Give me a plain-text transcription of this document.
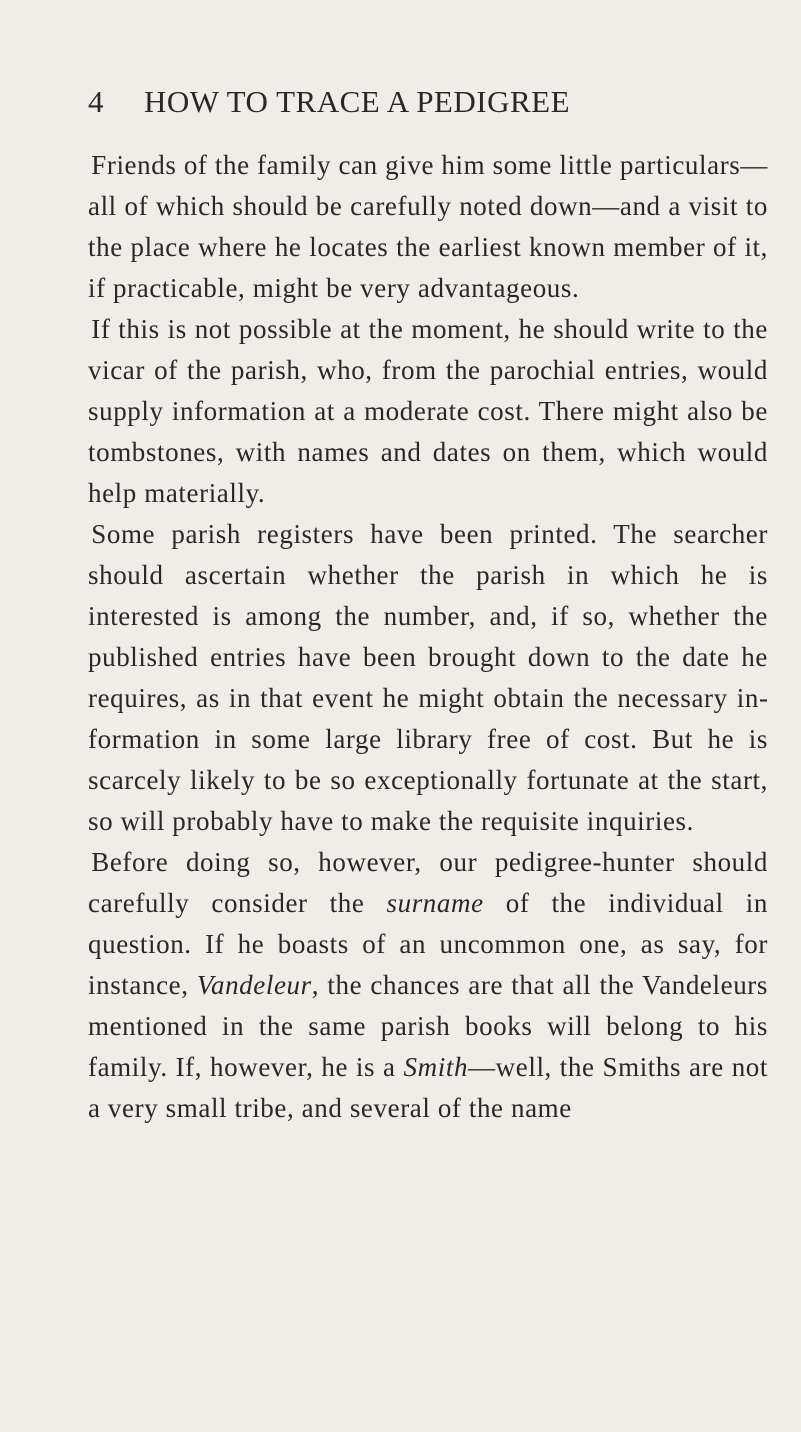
4 HOW TO TRACE A PEDIGREE

Friends of the family can give him some little particulars—all of which should be carefully noted down—and a visit to the place where he locates the earliest known member of it, if practicable, might be very advantageous.

If this is not possible at the moment, he should write to the vicar of the parish, who, from the parochial entries, would supply information at a moderate cost. There might also be tombstones, with names and dates on them, which would help materially.

Some parish registers have been printed. The searcher should ascertain whether the parish in which he is interested is among the number, and, if so, whether the published entries have been brought down to the date he requires, as in that event he might obtain the necessary information in some large library free of cost. But he is scarcely likely to be so exceptionally fortunate at the start, so will probably have to make the requisite inquiries.

Before doing so, however, our pedigree-hunter should carefully consider the surname of the individual in question. If he boasts of an uncommon one, as say, for instance, Vandeleur, the chances are that all the Vandeleurs mentioned in the same parish books will belong to his family. If, however, he is a Smith—well, the Smiths are not a very small tribe, and several of the name
